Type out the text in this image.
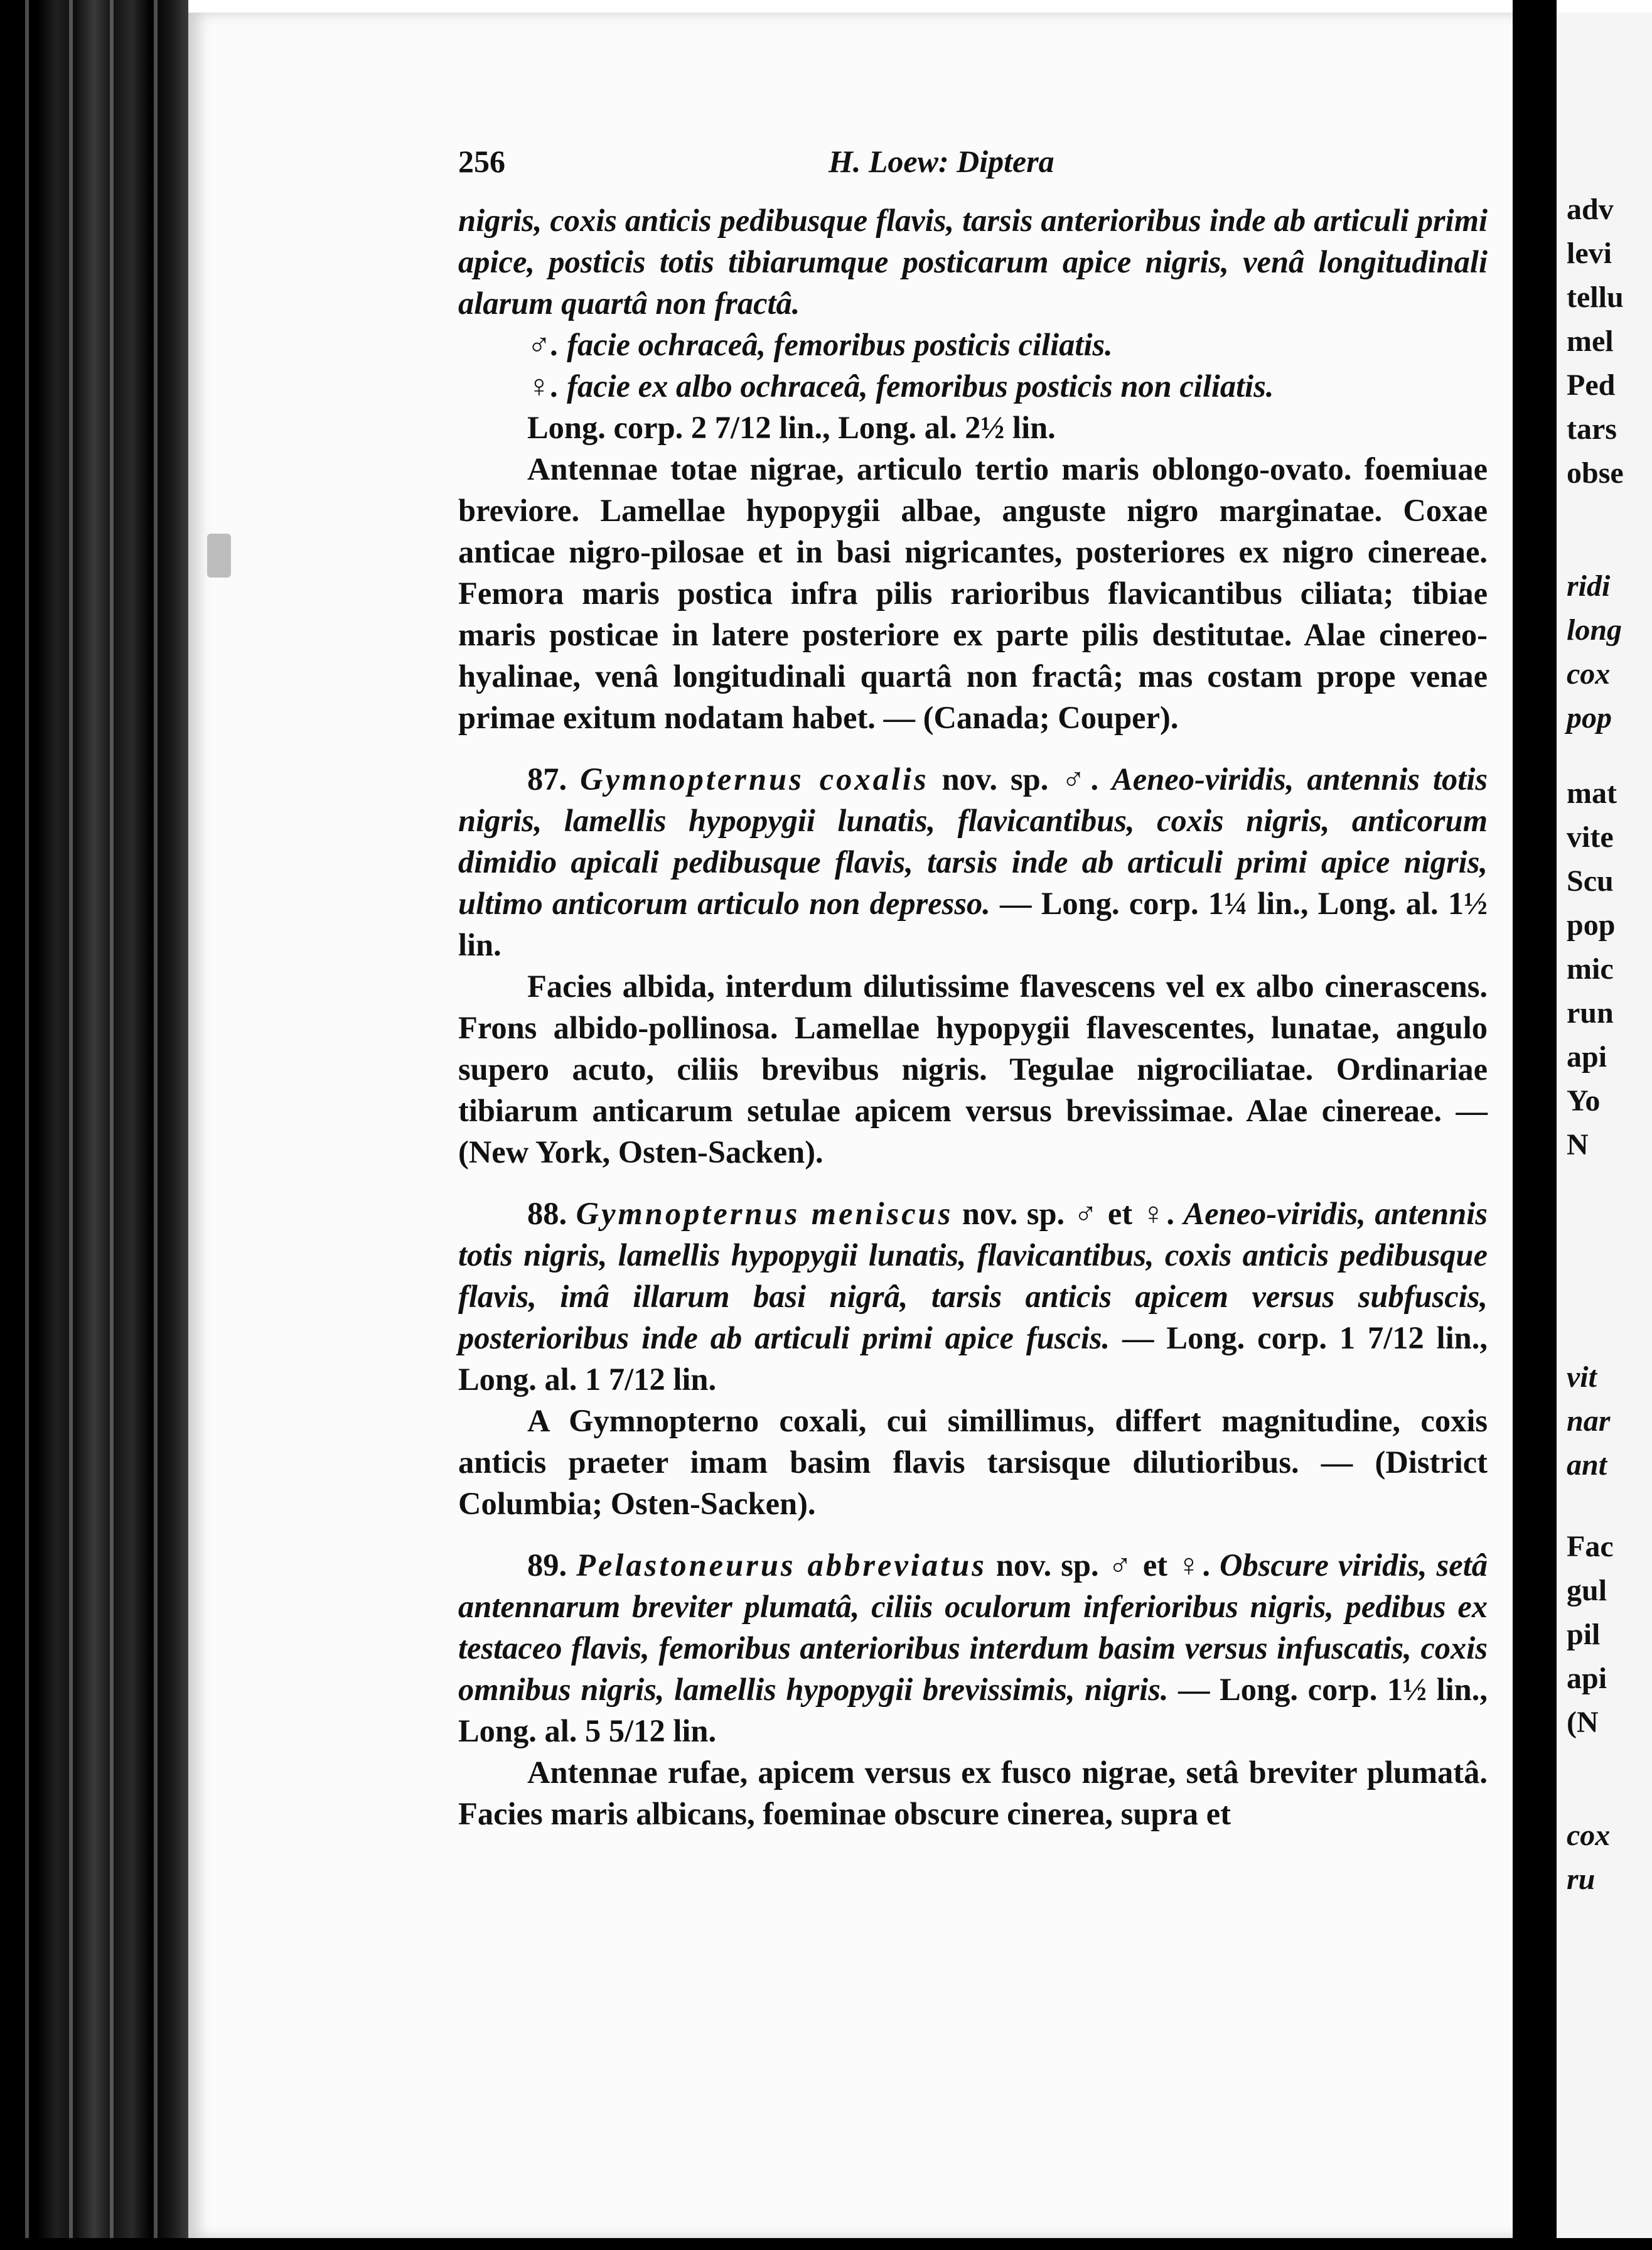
256	H. Loew: Diptera

nigris, coxis anticis pedibusque flavis, tarsis anterioribus inde ab articuli primi apice, posticis totis tibiarumque posticarum apice nigris, venâ longitudinali alarum quartâ non fractâ.

♂. facie ochraceâ, femoribus posticis ciliatis.

♀. facie ex albo ochraceâ, femoribus posticis non ciliatis.

Long. corp. 2 7/12 lin., Long. al. 2½ lin.

Antennae totae nigrae, articulo tertio maris oblongo-ovato. foemiuae breviore. Lamellae hypopygii albae, anguste nigro marginatae. Coxae anticae nigro-pilosae et in basi nigricantes, posteriores ex nigro cinereae. Femora maris postica infra pilis rarioribus flavicantibus ciliata; tibiae maris posticae in latere posteriore ex parte pilis destitutae. Alae cinereo-hyalinae, venâ longitudinali quartâ non fractâ; mas costam prope venae primae exitum nodatam habet. — (Canada; Couper).

87. Gymnopternus coxalis nov. sp. ♂. Aeneo-viridis, antennis totis nigris, lamellis hypopygii lunatis, flavicantibus, coxis nigris, anticorum dimidio apicali pedibusque flavis, tarsis inde ab articuli primi apice nigris, ultimo anticorum articulo non depresso. — Long. corp. 1¼ lin., Long. al. 1½ lin.

Facies albida, interdum dilutissime flavescens vel ex albo cinerascens. Frons albido-pollinosa. Lamellae hypopygii flavescentes, lunatae, angulo supero acuto, ciliis brevibus nigris. Tegulae nigrociliatae. Ordinariae tibiarum anticarum setulae apicem versus brevissimae. Alae cinereae. — (New York, Osten-Sacken).

88. Gymnopternus meniscus nov. sp. ♂ et ♀. Aeneo-viridis, antennis totis nigris, lamellis hypopygii lunatis, flavicantibus, coxis anticis pedibusque flavis, imâ illarum basi nigrâ, tarsis anticis apicem versus subfuscis, posterioribus inde ab articuli primi apice fuscis. — Long. corp. 1 7/12 lin., Long. al. 1 7/12 lin.

A Gymnopterno coxali, cui simillimus, differt magnitudine, coxis anticis praeter imam basim flavis tarsisque dilutioribus. — (District Columbia; Osten-Sacken).

89. Pelastoneurus abbreviatus nov. sp. ♂ et ♀. Obscure viridis, setâ antennarum breviter plumatâ, ciliis oculorum inferioribus nigris, pedibus ex testaceo flavis, femoribus anterioribus interdum basim versus infuscatis, coxis omnibus nigris, lamellis hypopygii brevissimis, nigris. — Long. corp. 1½ lin., Long. al. 5 5/12 lin.

Antennae rufae, apicem versus ex fusco nigrae, setâ breviter plumatâ. Facies maris albicans, foeminae obscure cinerea, supra et

adv
levi
tellu
mel
Ped
tars
obse
ridi
long
cox
pop
mat
vite
Scu
pop
mic
run
api
Yo
N
vit
nar
ant
Fac
gul
pil
api
(N
cox
ru
